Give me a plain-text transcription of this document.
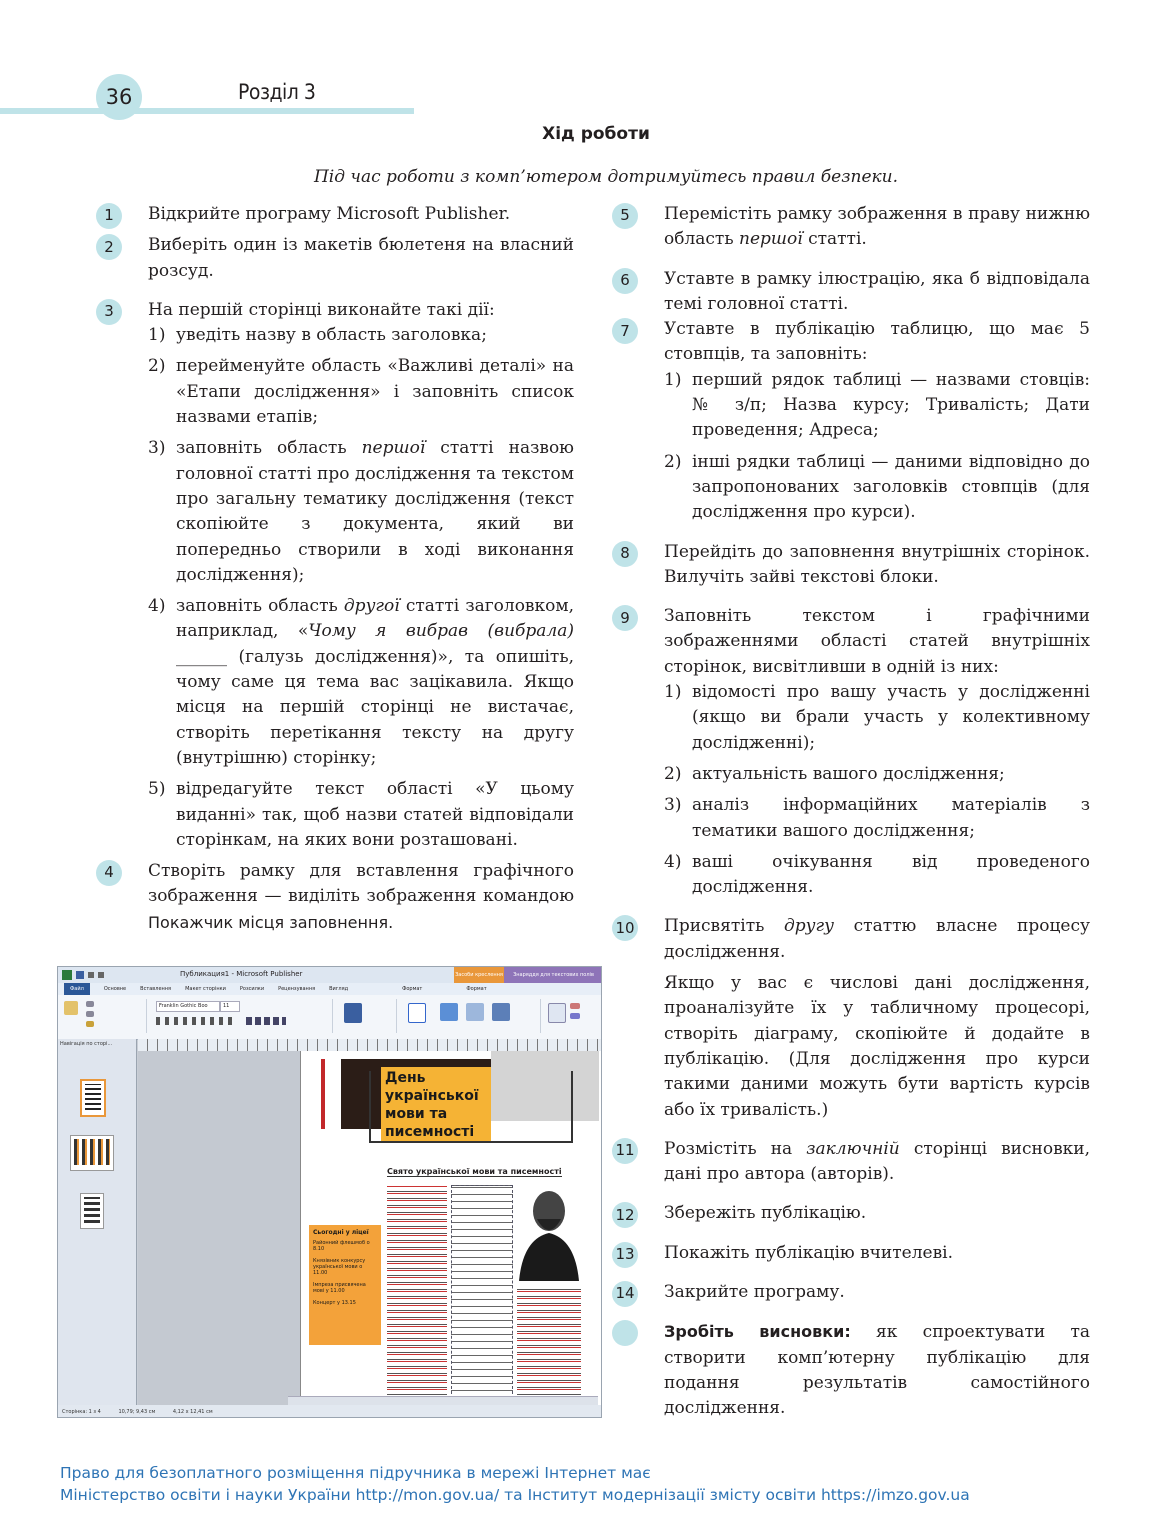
36	Розділ 3
Хід роботи
Під час роботи з комп’ютером дотримуйтесь правил безпеки.
1	Відкрийте програму Microsoft Publisher.
2	Виберіть один із макетів бюлетеня на власний розсуд.
3	На першій сторінці виконайте такі дії:
1) уведіть назву в область заголовка;
2) перейменуйте область «Важливі деталі» на «Етапи дослідження» і заповніть список назвами етапів;
3) заповніть область першої статті назвою головної статті про дослідження та текстом про загальну тематику дослідження (текст скопіюйте з документа, який ви попередньо створили в ході виконання дослідження);
4) заповніть область другої статті заголовком, наприклад, «Чому я вибрав (вибрала) ______ (галузь дослідження)», та опишіть, чому саме ця тема вас зацікавила. Якщо місця на першій сторінці не вистачає, створіть перетікання тексту на другу (внутрішню) сторінку;
5) відредагуйте текст області «У цьому виданні» так, щоб назви статей відповідали сторінкам, на яких вони розташовані.
4	Створіть рамку для вставлення графічного зображення — виділіть зображення командою Покажчик місця заповнення.
Публикация1 - Microsoft Publisher	Засоби креслення	Знаряддя для текстових полів
Файл	Основне	Вставлення	Макет сторінки	Розсилки	Рецензування	Вигляд	Формат	Формат
Franklin Gothic Boo	11
Навігація по сторі...
День української
мови та писемності
Свято української мови та писемності
Сьогодні у ліцеї
Районний флешмоб о 8.10
Князівник конкурсу української мови о 11.00
Імпреза присвячена мові у 11.00
Концерт у 13.15
Сторінка: 1 з 4	10,79; 9,43 см	4,12 x 12,41 см
5	Перемістіть рамку зображення в праву нижню область першої статті.
6	Уставте в рамку ілюстрацію, яка б відповідала темі головної статті.
7	Уставте в публікацію таблицю, що має 5 стовпців, та заповніть:
1) перший рядок таблиці — назвами стовців: № з/п; Назва курсу; Тривалість; Дати проведення; Адреса;
2) інші рядки таблиці — даними відповідно до запропонованих заголовків стовпців (для дослідження про курси).
8	Перейдіть до заповнення внутрішніх сторінок. Вилучіть зайві текстові блоки.
9	Заповніть текстом і графічними зображеннями області статей внутрішніх сторінок, висвітливши в одній із них:
1) відомості про вашу участь у дослідженні (якщо ви брали участь у колективному дослідженні);
2) актуальність вашого дослідження;
3) аналіз інформаційних матеріалів з тематики вашого дослідження;
4) ваші очікування від проведеного дослідження.
10 Присвятіть другу статтю власне процесу дослідження.
Якщо у вас є числові дані дослідження, проаналізуйте їх у табличному процесорі, створіть діаграму, скопіюйте й додайте в публікацію. (Для дослідження про курси такими даними можуть бути вартість курсів або їх тривалість.)
11 Розмістіть на заключній сторінці висновки, дані про автора (авторів).
12 Збережіть публікацію.
13 Покажіть публікацію вчителеві.
14 Закрийте програму.
Зробіть висновки: як спроектувати та створити комп’ютерну публікацію для подання результатів самостійного дослідження.
Право для безоплатного розміщення підручника в мережі Інтернет має
Міністерство освіти і науки України http://mon.gov.ua/ та Інститут модернізації змісту освіти https://imzo.gov.ua
